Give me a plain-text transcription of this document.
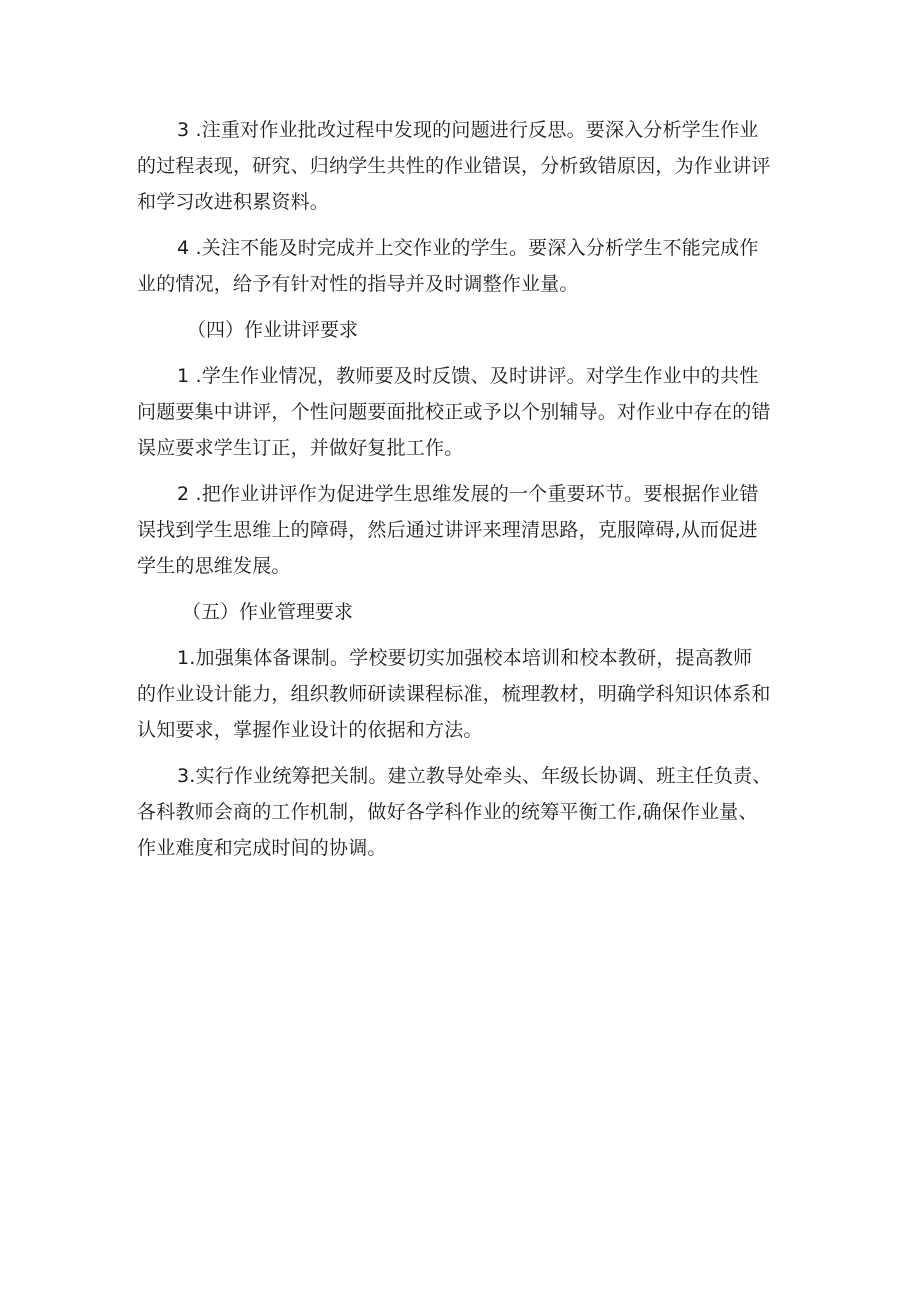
3 .注重对作业批改过程中发现的问题进行反思。要深入分析学生作业
的过程表现，研究、归纳学生共性的作业错误，分析致错原因，为作业讲评
和学习改进积累资料。
4 .关注不能及时完成并上交作业的学生。要深入分析学生不能完成作
业的情况，给予有针对性的指导并及时调整作业量。
（四）作业讲评要求
1 .学生作业情况，教师要及时反馈、及时讲评。对学生作业中的共性
问题要集中讲评，个性问题要面批校正或予以个别辅导。对作业中存在的错
误应要求学生订正，并做好复批工作。
2 .把作业讲评作为促进学生思维发展的一个重要环节。要根据作业错
误找到学生思维上的障碍，然后通过讲评来理清思路，克服障碍,从而促进
学生的思维发展。
（五）作业管理要求
1.加强集体备课制。学校要切实加强校本培训和校本教研，提高教师
的作业设计能力，组织教师研读课程标准，梳理教材，明确学科知识体系和
认知要求，掌握作业设计的依据和方法。
3.实行作业统筹把关制。建立教导处牵头、年级长协调、班主任负责、
各科教师会商的工作机制，做好各学科作业的统筹平衡工作,确保作业量、
作业难度和完成时间的协调。
